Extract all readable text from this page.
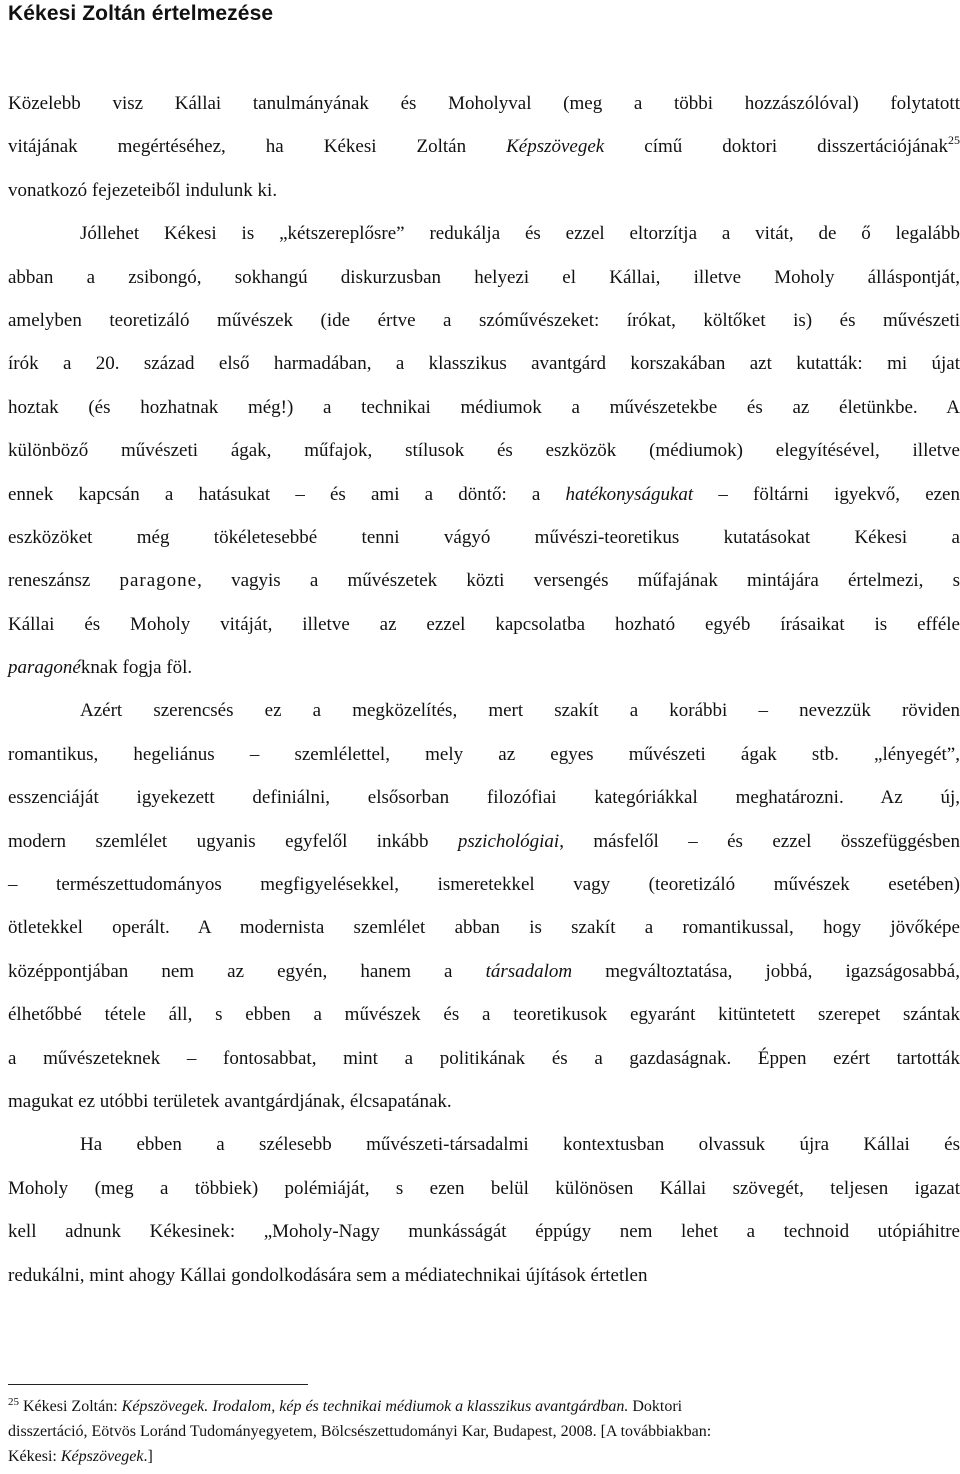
Kékesi Zoltán értelmezése
Közelebb visz Kállai tanulmányának és Moholyval (meg a többi hozzászólóval) folytatott
vitájának megértéséhez, ha Kékesi Zoltán Képszövegek című doktori disszertációjának$^{25}$
vonatkozó fejezeteiből indulunk ki.
Jóllehet Kékesi is „kétszereplősre” redukálja és ezzel eltorzítja a vitát, de ő legalább
abban a zsibongó, sokhangú diskurzusban helyezi el Kállai, illetve Moholy álláspontját,
amelyben teoretizáló művészek (ide értve a szóművészeket: írókat, költőket is) és művészeti
írók a 20. század első harmadában, a klasszikus avantgárd korszakában azt kutatták: mi újat
hoztak (és hozhatnak még!) a technikai médiumok a művészetekbe és az életünkbe. A
különböző művészeti ágak, műfajok, stílusok és eszközök (médiumok) elegyítésével, illetve
ennek kapcsán a hatásukat – és ami a döntő: a hatékonyságukat – föltárni igyekvő, ezen
eszközöket még tökéletesebbé tenni vágyó művészi-teoretikus kutatásokat Kékesi a
reneszánsz paragone, vagyis a művészetek közti versengés műfajának mintájára értelmezi, s
Kállai és Moholy vitáját, illetve az ezzel kapcsolatba hozható egyéb írásaikat is efféle
paragonéknak fogja föl.
Azért szerencsés ez a megközelítés, mert szakít a korábbi – nevezzük röviden
romantikus, hegeliánus – szemlélettel, mely az egyes művészeti ágak stb. „lényegét”,
esszenciáját igyekezett definiálni, elsősorban filozófiai kategóriákkal meghatározni. Az új,
modern szemlélet ugyanis egyfelől inkább pszichológiai, másfelől – és ezzel összefüggésben
– természettudományos megfigyelésekkel, ismeretekkel vagy (teoretizáló művészek esetében)
ötletekkel operált. A modernista szemlélet abban is szakít a romantikussal, hogy jövőképe
középpontjában nem az egyén, hanem a társadalom megváltoztatása, jobbá, igazságosabbá,
élhetőbbé tétele áll, s ebben a művészek és a teoretikusok egyaránt kitüntetett szerepet szántak
a művészeteknek – fontosabbat, mint a politikának és a gazdaságnak. Éppen ezért tartották
magukat ez utóbbi területek avantgárdjának, élcsapatának.
Ha ebben a szélesebb művészeti-társadalmi kontextusban olvassuk újra Kállai és
Moholy (meg a többiek) polémiáját, s ezen belül különösen Kállai szövegét, teljesen igazat
kell adnunk Kékesinek: „Moholy-Nagy munkásságát éppúgy nem lehet a technoid utópiáhitre
redukálni, mint ahogy Kállai gondolkodására sem a médiatechnikai újítások értetlen
$^{25}$ Kékesi Zoltán: Képszövegek. Irodalom, kép és technikai médiumok a klasszikus avantgárdban. Doktori
disszertáció, Eötvös Loránd Tudományegyetem, Bölcsészettudományi Kar, Budapest, 2008. [A továbbiakban:
Kékesi: Képszövegek.]
